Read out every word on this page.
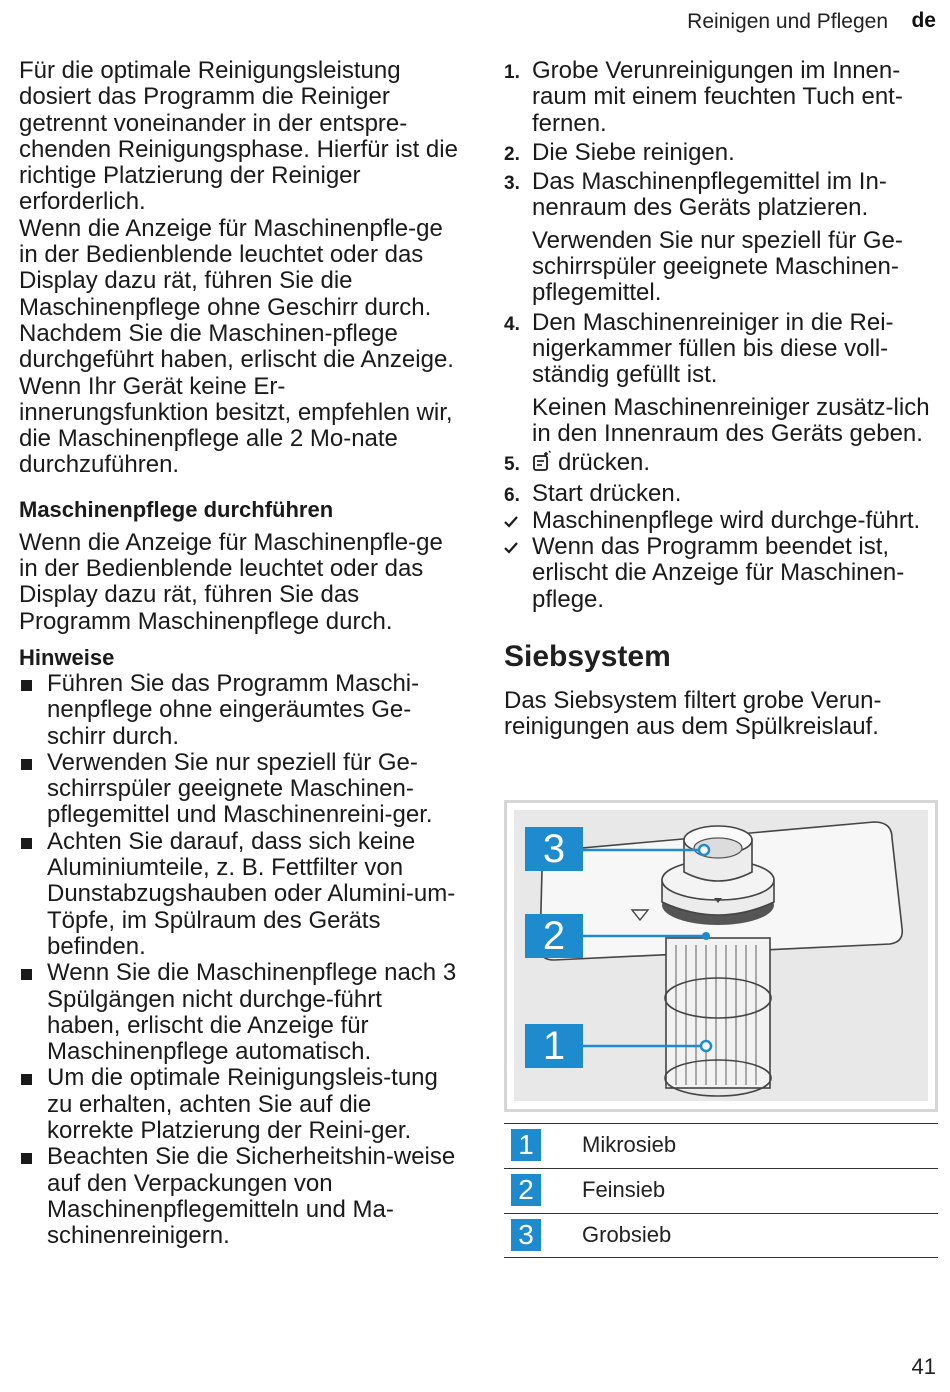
Reinigen und Pflegen de

Für die optimale Reinigungsleistung dosiert das Programm die Reiniger getrennt voneinander in der entspre-chenden Reinigungsphase. Hierfür ist die richtige Platzierung der Reiniger erforderlich.

Wenn die Anzeige für Maschinenpfle-ge in der Bedienblende leuchtet oder das Display dazu rät, führen Sie die Maschinenpflege ohne Geschirr durch. Nachdem Sie die Maschinen-pflege durchgeführt haben, erlischt die Anzeige. Wenn Ihr Gerät keine Er-innerungsfunktion besitzt, empfehlen wir, die Maschinenpflege alle 2 Mo-nate durchzuführen.

Maschinenpflege durchführen

Wenn die Anzeige für Maschinenpfle-ge in der Bedienblende leuchtet oder das Display dazu rät, führen Sie das Programm Maschinenpflege durch.

Hinweise
Führen Sie das Programm Maschi-nenpflege ohne eingeräumtes Ge-schirr durch.
Verwenden Sie nur speziell für Ge-schirrspüler geeignete Maschinen-pflegemittel und Maschinenreini-ger.
Achten Sie darauf, dass sich keine Aluminiumteile, z. B. Fettfilter von Dunstabzugshauben oder Alumini-um-Töpfe, im Spülraum des Geräts befinden.
Wenn Sie die Maschinenpflege nach 3 Spülgängen nicht durchge-führt haben, erlischt die Anzeige für Maschinenpflege automatisch.
Um die optimale Reinigungsleis-tung zu erhalten, achten Sie auf die korrekte Platzierung der Reini-ger.
Beachten Sie die Sicherheitshin-weise auf den Verpackungen von Maschinenpflegemitteln und Ma-schinenreinigern.
1. Grobe Verunreinigungen im Innen-raum mit einem feuchten Tuch ent-fernen.
2. Die Siebe reinigen.
3. Das Maschinenpflegemittel im In-nenraum des Geräts platzieren.
Verwenden Sie nur speziell für Ge-schirrspüler geeignete Maschinen-pflegemittel.
4. Den Maschinenreiniger in die Rei-nigerkammer füllen bis diese voll-ständig gefüllt ist.
Keinen Maschinenreiniger zusätz-lich in den Innenraum des Geräts geben.
5. drücken.
6. Start drücken.
Maschinenpflege wird durchge-führt.
Wenn das Programm beendet ist, erlischt die Anzeige für Maschinen-pflege.
Siebsystem

Das Siebsystem filtert grobe Verun-reinigungen aus dem Spülkreislauf.

3
2
1
1	Mikrosieb
2	Feinsieb
3	Grobsieb
41
